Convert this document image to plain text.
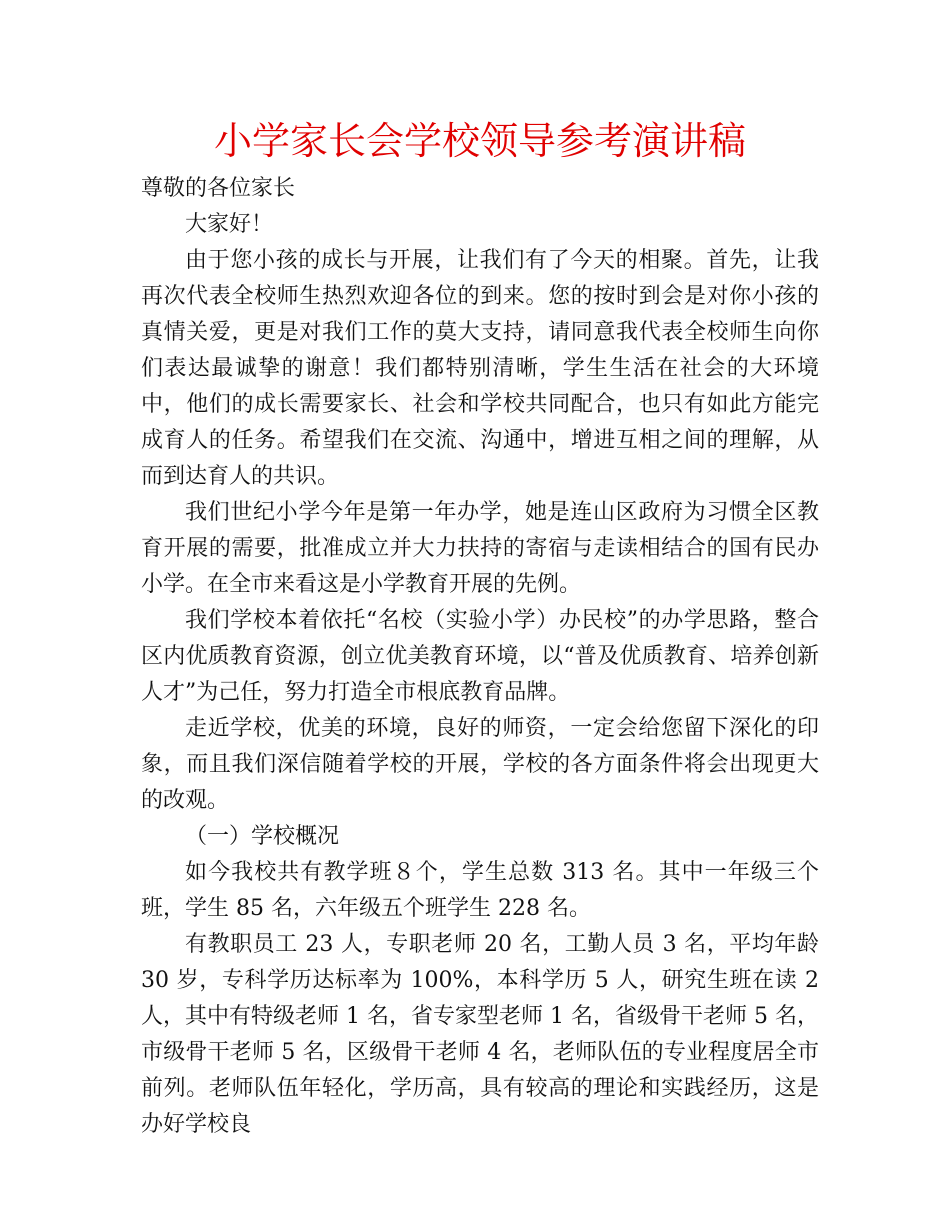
小学家长会学校领导参考演讲稿

尊敬的各位家长

大家好！

由于您小孩的成长与开展，让我们有了今天的相聚。首先，让我再次代表全校师生热烈欢迎各位的到来。您的按时到会是对你小孩的真情关爱，更是对我们工作的莫大支持，请同意我代表全校师生向你们表达最诚挚的谢意！我们都特别清晰，学生生活在社会的大环境中，他们的成长需要家长、社会和学校共同配合，也只有如此方能完成育人的任务。希望我们在交流、沟通中，增进互相之间的理解，从而到达育人的共识。

我们世纪小学今年是第一年办学，她是连山区政府为习惯全区教育开展的需要，批准成立并大力扶持的寄宿与走读相结合的国有民办小学。在全市来看这是小学教育开展的先例。

我们学校本着依托“名校（实验小学）办民校”的办学思路，整合区内优质教育资源，创立优美教育环境，以“普及优质教育、培养创新人才”为己任，努力打造全市根底教育品牌。

走近学校，优美的环境，良好的师资，一定会给您留下深化的印象，而且我们深信随着学校的开展，学校的各方面条件将会出现更大的改观。

（一）学校概况

如今我校共有教学班８个，学生总数 313 名。其中一年级三个班，学生 85 名，六年级五个班学生 228 名。

有教职员工 23 人，专职老师 20 名，工勤人员 3 名，平均年龄 30 岁，专科学历达标率为 100%，本科学历 5 人，研究生班在读 2 人，其中有特级老师 1 名，省专家型老师 1 名，省级骨干老师 5 名，市级骨干老师 5 名，区级骨干老师 4 名，老师队伍的专业程度居全市前列。老师队伍年轻化，学历高，具有较高的理论和实践经历，这是办好学校良
